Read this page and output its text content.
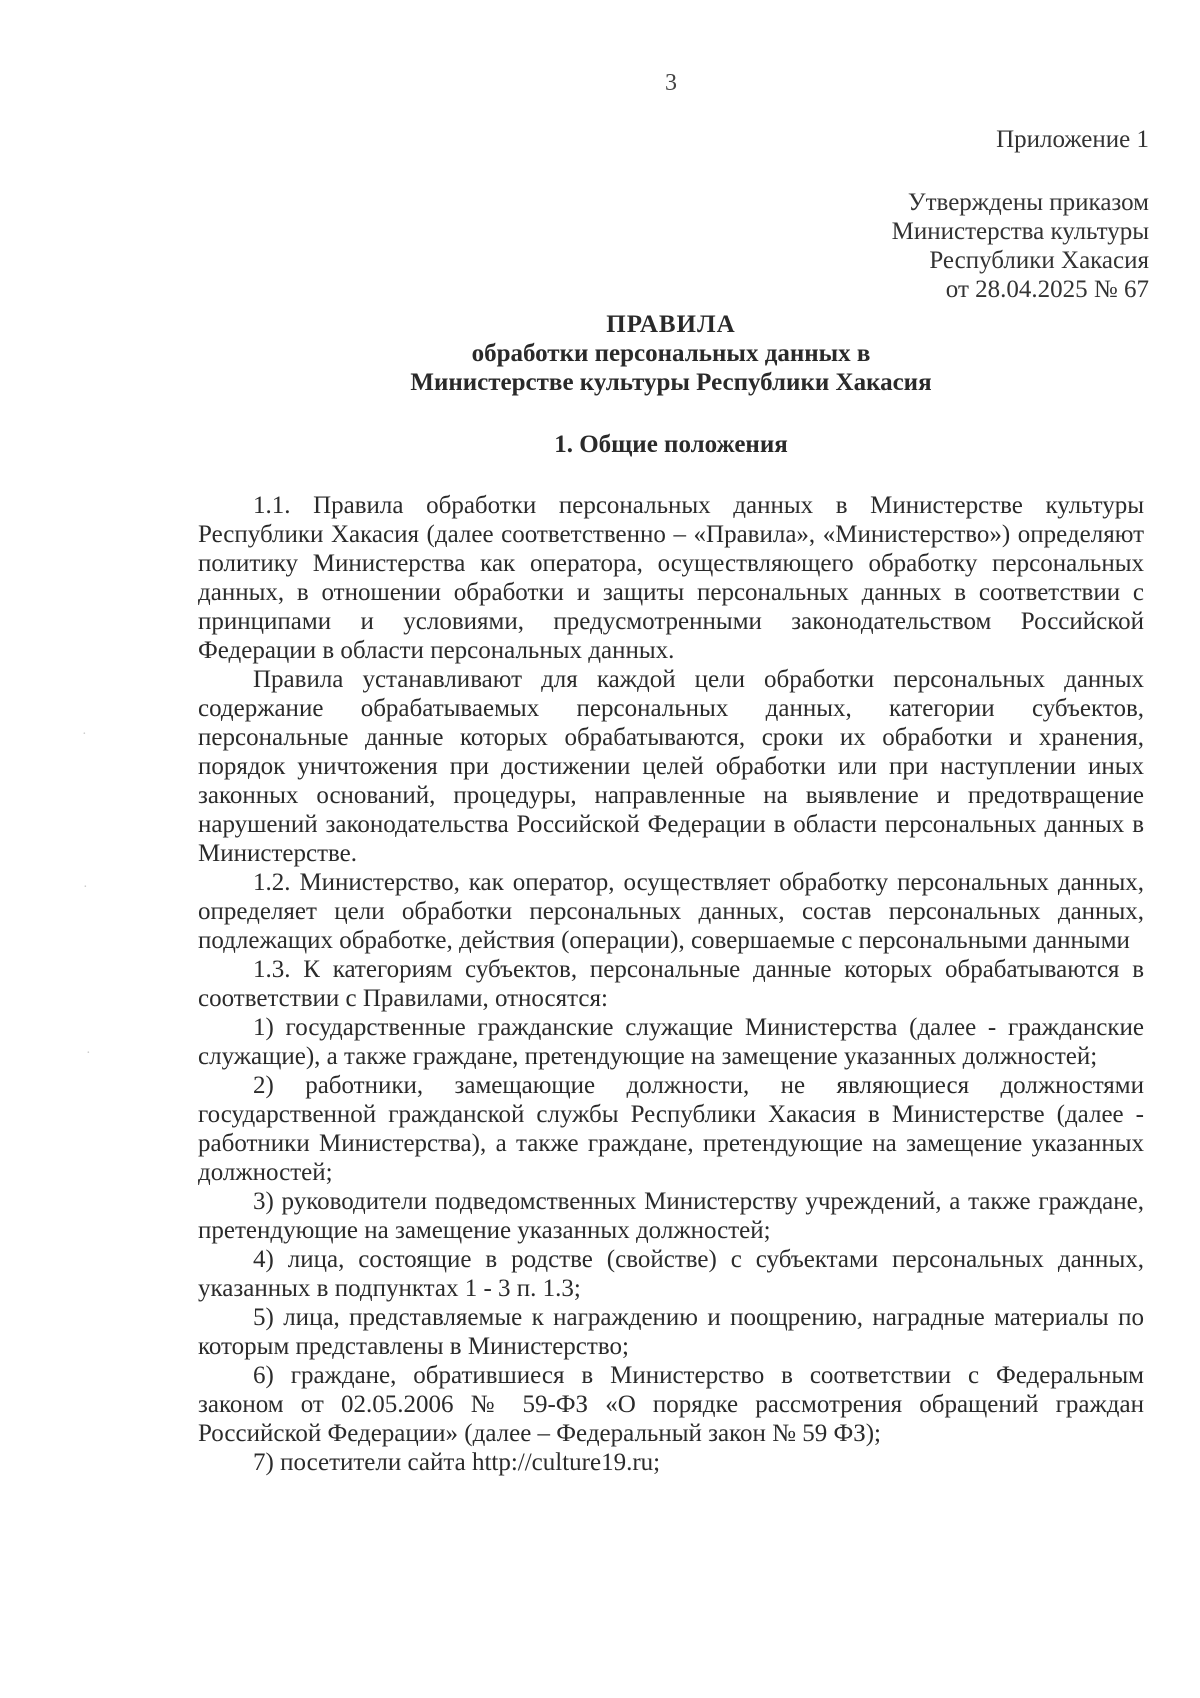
3
Приложение 1
Утверждены приказом
Министерства культуры
Республики Хакасия
от 28.04.2025 № 67
ПРАВИЛА
обработки персональных данных в
Министерстве культуры Республики Хакасия
1. Общие положения

1.1. Правила обработки персональных данных в Министерстве культуры Республики Хакасия (далее соответственно – «Правила», «Министерство») определяют политику Министерства как оператора, осуществляющего обработку персональных данных, в отношении обработки и защиты персональных данных в соответствии с принципами и условиями, предусмотренными законодательством Российской Федерации в области персональных данных.

Правила устанавливают для каждой цели обработки персональных данных содержание обрабатываемых персональных данных, категории субъектов, персональные данные которых обрабатываются, сроки их обработки и хранения, порядок уничтожения при достижении целей обработки или при наступлении иных законных оснований, процедуры, направленные на выявление и предотвращение нарушений законодательства Российской Федерации в области персональных данных в Министерстве.

1.2. Министерство, как оператор, осуществляет обработку персональных данных, определяет цели обработки персональных данных, состав персональных данных, подлежащих обработке, действия (операции), совершаемые с персональными данными

1.3. К категориям субъектов, персональные данные которых обрабатываются в соответствии с Правилами, относятся:

1) государственные гражданские служащие Министерства (далее - гражданские служащие), а также граждане, претендующие на замещение указанных должностей;

2) работники, замещающие должности, не являющиеся должностями государственной гражданской службы Республики Хакасия в Министерстве (далее - работники Министерства), а также граждане, претендующие на замещение указанных должностей;

3) руководители подведомственных Министерству учреждений, а также граждане, претендующие на замещение указанных должностей;

4) лица, состоящие в родстве (свойстве) с субъектами персональных данных, указанных в подпунктах 1 - 3 п. 1.3;

5) лица, представляемые к награждению и поощрению, наградные материалы по которым представлены в Министерство;

6) граждане, обратившиеся в Министерство в соответствии с Федеральным законом от 02.05.2006 № 59-ФЗ «О порядке рассмотрения обращений граждан Российской Федерации» (далее – Федеральный закон № 59 ФЗ);

7) посетители сайта http://culture19.ru;

·
·
·
